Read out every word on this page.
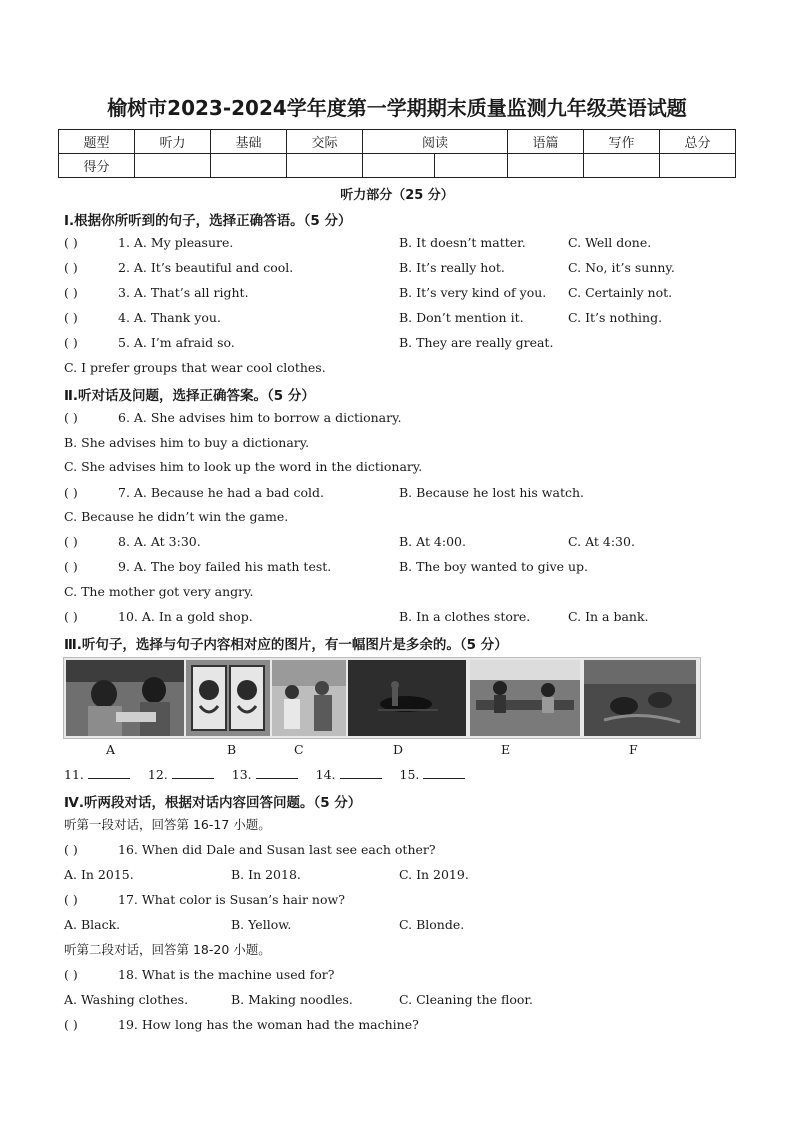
榆树市2023-2024学年度第一学期期末质量监测九年级英语试题
题型	听力	基础	交际	阅读		语篇	写作	总分
得分								
听力部分（25 分）
Ⅰ.根据你所听到的句子，选择正确答语。（5 分）
( )	1. A. My pleasure.	B. It doesn’t matter.	C. Well done.
( )	2. A. It’s beautiful and cool.	B. It’s really hot.	C. No, it’s sunny.
( )	3. A. That’s all right.	B. It’s very kind of you. C. Certainly not.
( )	4. A. Thank you.	B. Don’t mention it.	C. It’s nothing.
( )	5. A. I’m afraid so.	B. They are really great.
C. I prefer groups that wear cool clothes.
Ⅱ.听对话及问题，选择正确答案。（5 分）
( )	6. A. She advises him to borrow a dictionary.
B. She advises him to buy a dictionary.
C. She advises him to look up the word in the dictionary.
( )	7. A. Because he had a bad cold.	B. Because he lost his watch.
C. Because he didn’t win the game.
( )	8. A. At 3:30.	B. At 4:00.	C. At 4:30.
( )	9. A. The boy failed his math test.	B. The boy wanted to give up.
C. The mother got very angry.
( )	10. A. In a gold shop.	B. In a clothes store.	C. In a bank.
Ⅲ.听句子，选择与句子内容相对应的图片，有一幅图片是多余的。（5 分）
A	B	C	D	E	F
11.	12.	13.	14.	15.
Ⅳ.听两段对话，根据对话内容回答问题。（5 分）
听第一段对话，回答第 16-17 小题。
( )	16. When did Dale and Susan last see each other?
A. In 2015.	B. In 2018.	C. In 2019.
( )	17. What color is Susan’s hair now?
A. Black.	B. Yellow.	C. Blonde.
听第二段对话，回答第 18-20 小题。
( )	18. What is the machine used for?
A. Washing clothes.	B. Making noodles.	C. Cleaning the floor.
( )	19. How long has the woman had the machine?
